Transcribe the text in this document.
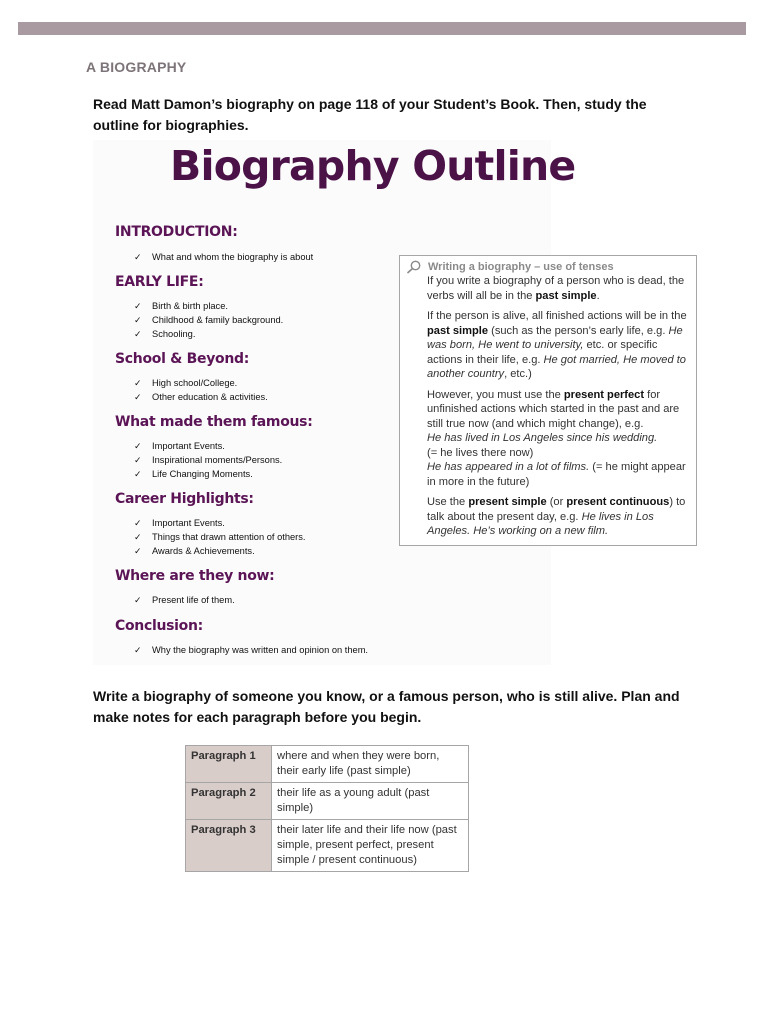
A BIOGRAPHY
Read Matt Damon’s biography on page 118 of your Student’s Book. Then, study the outline for biographies.
Biography Outline
INTRODUCTION:
✓	What and whom the biography is about
EARLY LIFE:
✓	Birth & birth place.
✓	Childhood & family background.
✓	Schooling.
School & Beyond:
✓	High school/College.
✓	Other education & activities.
What made them famous:
✓	Important Events.
✓	Inspirational moments/Persons.
✓	Life Changing Moments.
Career Highlights:
✓	Important Events.
✓	Things that drawn attention of others.
✓	Awards & Achievements.
Where are they now:
✓	Present life of them.
Conclusion:
✓	Why the biography was written and opinion on them.
Writing a biography – use of tenses

If you write a biography of a person who is dead, the verbs will all be in the past simple.

If the person is alive, all finished actions will be in the past simple (such as the person’s early life, e.g. He was born, He went to university, etc. or specific actions in their life, e.g. He got married, He moved to another country, etc.)

However, you must use the present perfect for unfinished actions which started in the past and are still true now (and which might change), e.g.
He has lived in Los Angeles since his wedding.
(= he lives there now)
He has appeared in a lot of films. (= he might appear in more in the future)

Use the present simple (or present continuous) to talk about the present day, e.g. He lives in Los Angeles. He’s working on a new film.

Write a biography of someone you know, or a famous person, who is still alive. Plan and make notes for each paragraph before you begin.
Paragraph 1	where and when they were born, their early life (past simple)
Paragraph 2	their life as a young adult (past simple)
Paragraph 3	their later life and their life now (past simple, present perfect, present simple / present continuous)
